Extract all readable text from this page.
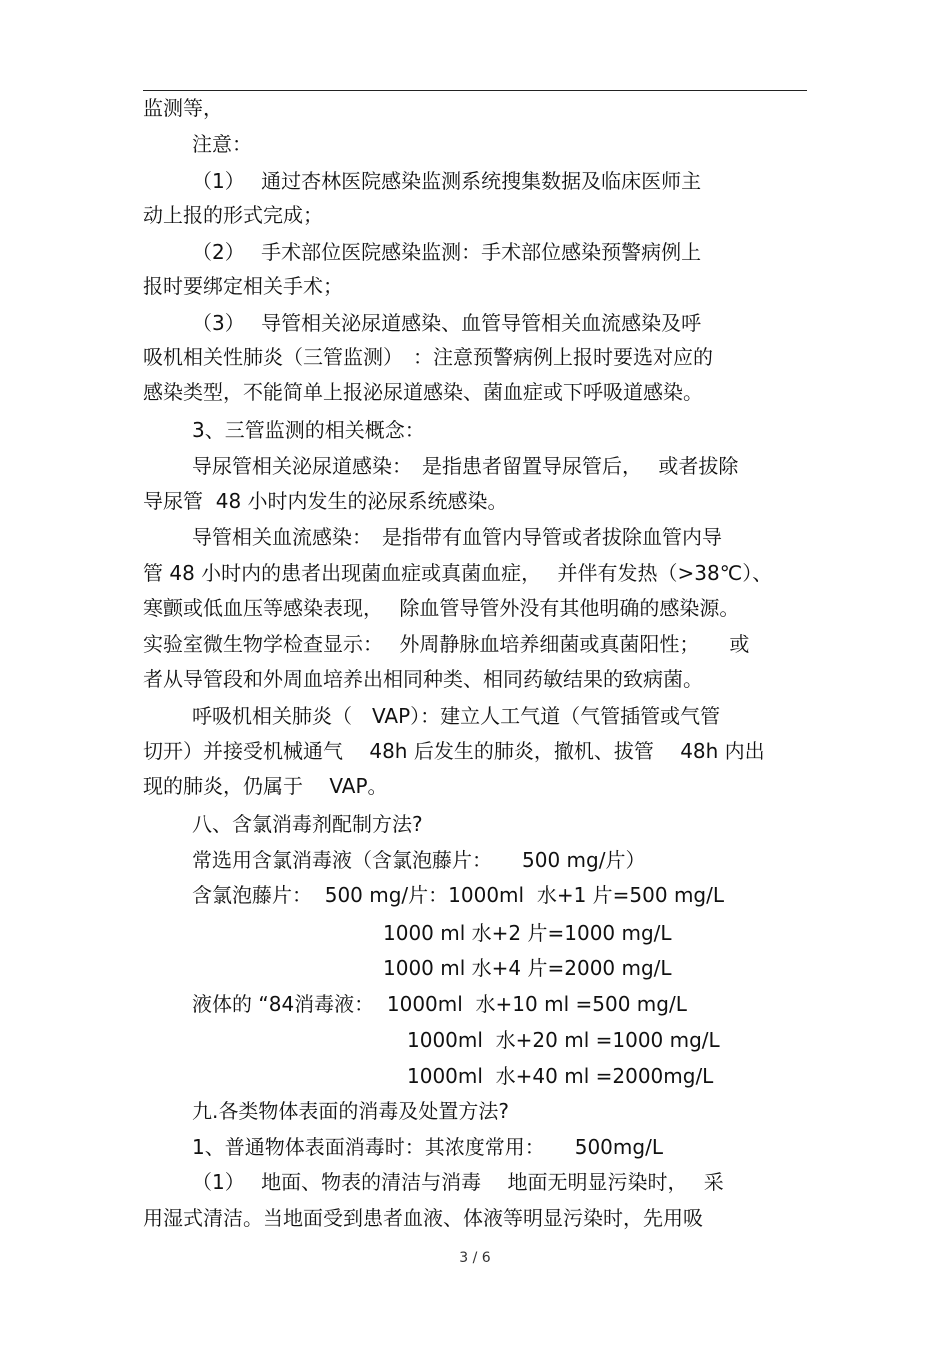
监测等，
注意：
（1）　 通过杏林医院感染监测系统搜集数据及临床医师主
动上报的形式完成；
（2）　 手术部位医院感染监测：手术部位感染预警病例上
报时要绑定相关手术；
（3）　 导管相关泌尿道感染、血管导管相关血流感染及呼
吸机相关性肺炎（三管监测）　：注意预警病例上报时要选对应的
感染类型，不能简单上报泌尿道感染、菌血症或下呼吸道感染。
3、三管监测的相关概念：
导尿管相关泌尿道感染：　是指患者留置导尿管后，　 或者拔除
导尿管  48 小时内发生的泌尿系统感染。
导管相关血流感染：　是指带有血管内导管或者拔除血管内导
管 48 小时内的患者出现菌血症或真菌血症，　 并伴有发热（>38℃）、
寒颤或低血压等感染表现，　 除血管导管外没有其他明确的感染源。
实验室微生物学检查显示：　 外周静脉血培养细菌或真菌阳性；　　或
者从导管段和外周血培养出相同种类、相同药敏结果的致病菌。
呼吸机相关肺炎（　VAP）：建立人工气道（气管插管或气管
切开）并接受机械通气　 48h 后发生的肺炎，撤机、拔管　 48h 内出
现的肺炎，仍属于　 VAP。
八、含氯消毒剂配制方法?
常选用含氯消毒液（含氯泡藤片：　　500 mg/片）
含氯泡藤片：  500 mg/片：1000ml  水+1 片=500 mg/L
1000 ml 水+2 片=1000 mg/L
1000 ml 水+4 片=2000 mg/L
液体的 “84消毒液：  1000ml  水+10 ml =500 mg/L
1000ml  水+20 ml =1000 mg/L
1000ml  水+40 ml =2000mg/L
九.各类物体表面的消毒及处置方法?
1、普通物体表面消毒时：其浓度常用：　　500mg/L
（1）　 地面、物表的清洁与消毒　 地面无明显污染时，　 采
用湿式清洁。当地面受到患者血液、体液等明显污染时，先用吸
3 / 6
